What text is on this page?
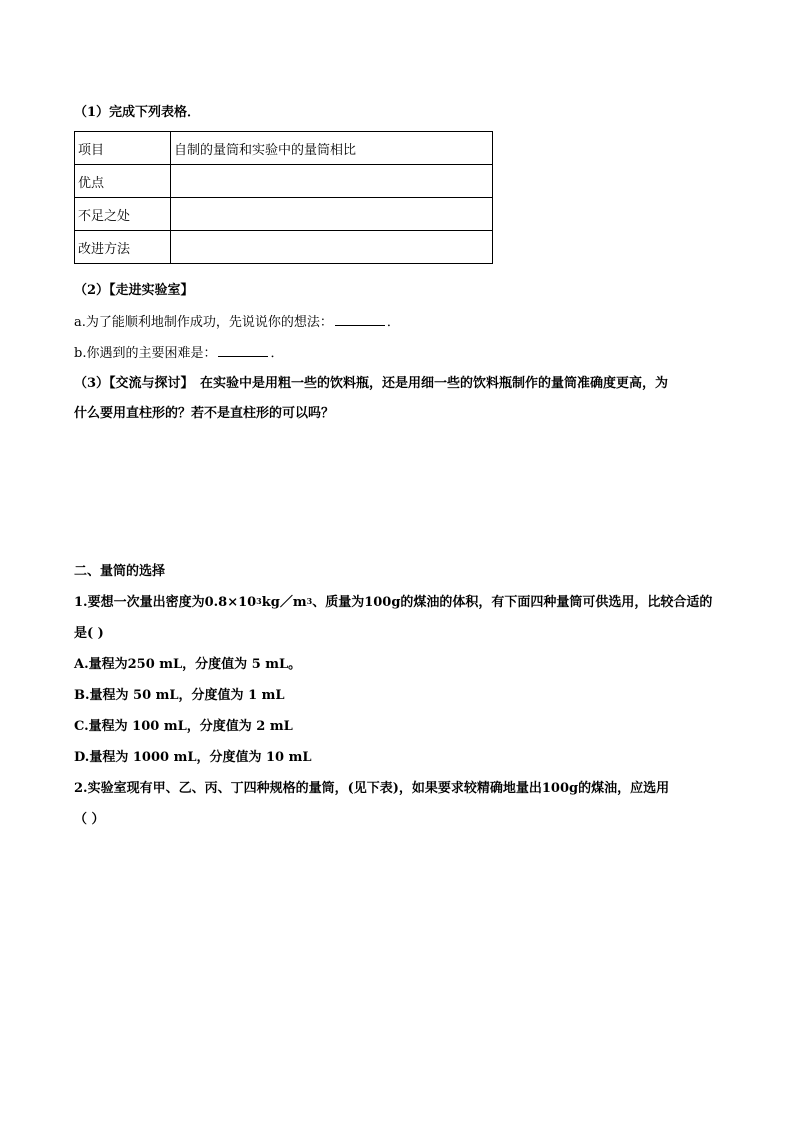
（1）完成下列表格．
项目	自制的量筒和实验中的量筒相比
优点	
不足之处	
改进方法	
（2）【走进实验室】
a.为了能顺利地制作成功，先说说你的想法：	．
b.你遇到的主要困难是：	．
（3）【交流与探讨】　在实验中是用粗一些的饮料瓶，还是用细一些的饮料瓶制作的量筒准确度更高，为
什么要用直柱形的？若不是直柱形的可以吗？
二、量筒的选择
1.要想一次量出密度为$0.8\times 10^3kg/m^3$、质量为100g的煤油的体积，有下面四种量筒可供选用，比较合适的
是( )
A.量程为250 mL，分度值为 5 mL。
B.量程为 50 mL，分度值为 1 mL
C.量程为 100 mL，分度值为 2 mL
D.量程为 1000 mL，分度值为 10 mL
2.实验室现有甲、乙、丙、丁四种规格的量筒，(见下表)，如果要求较精确地量出100g的煤油，应选用
（ ）
